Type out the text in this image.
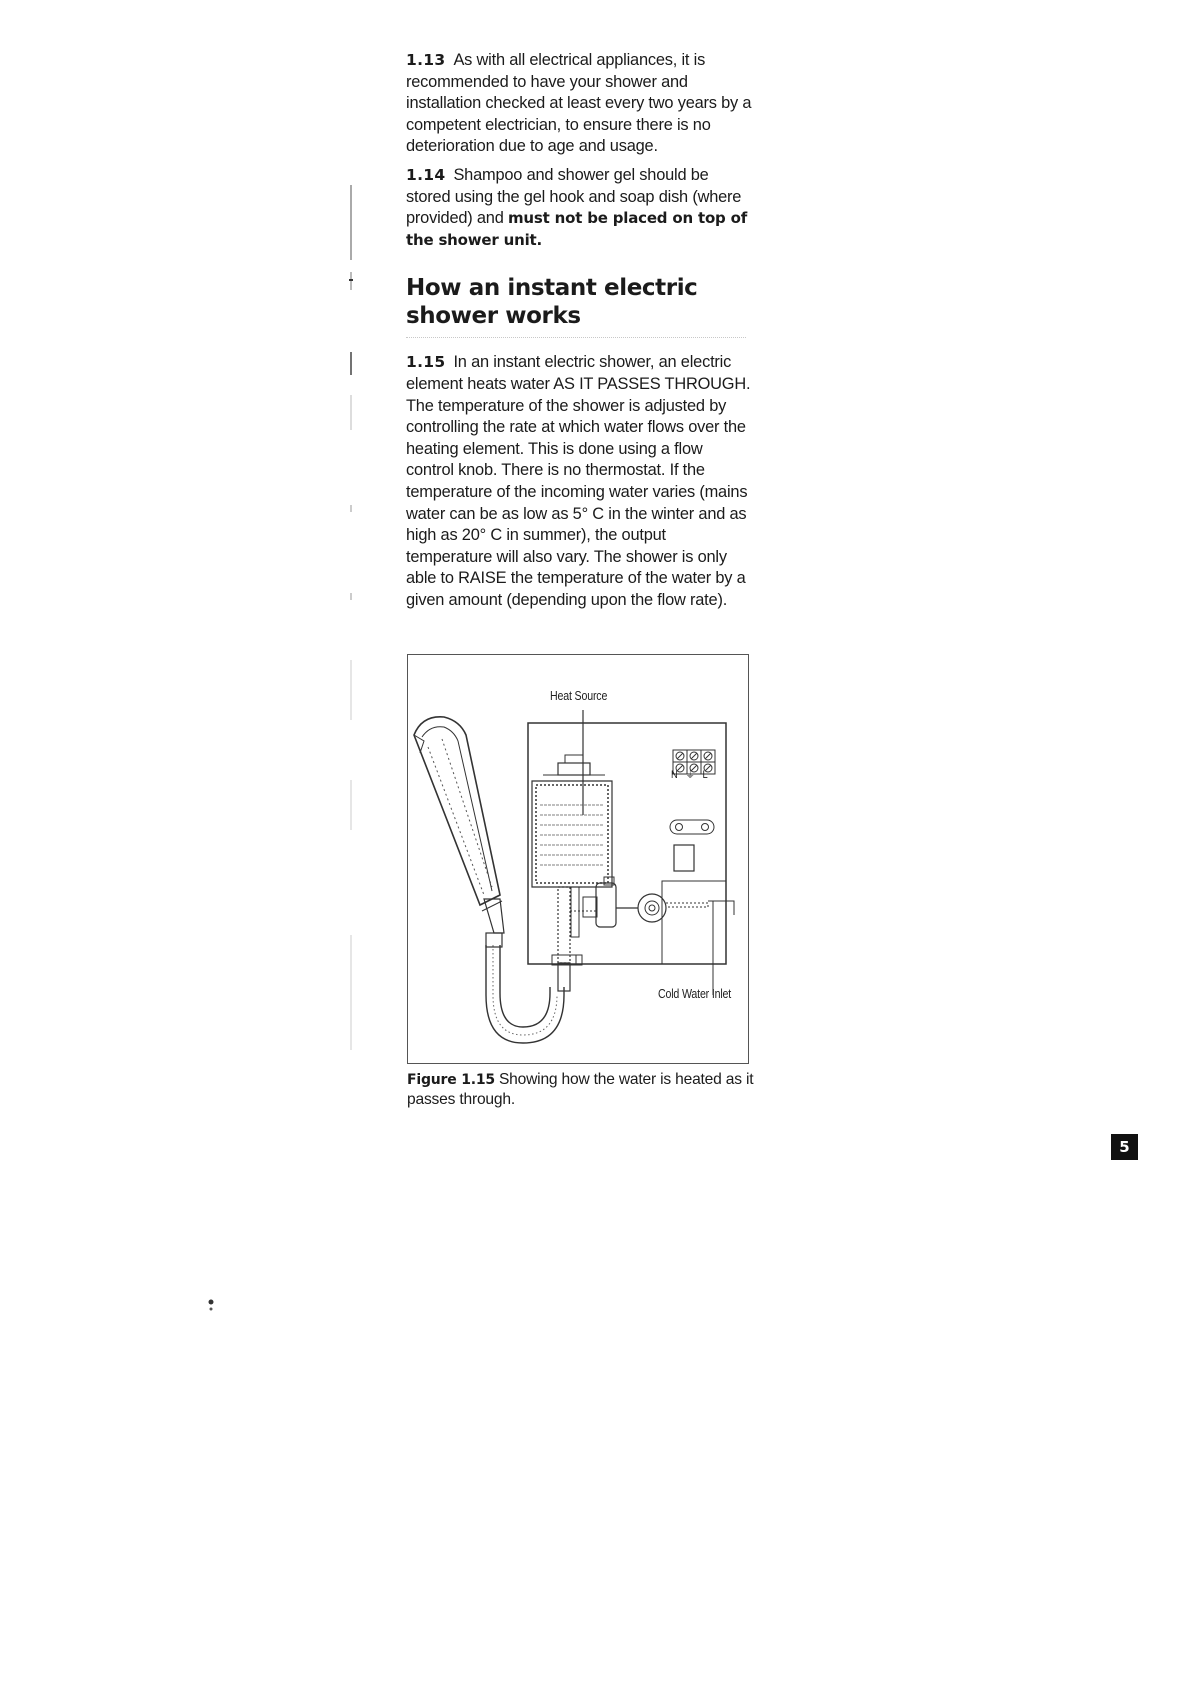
1.13 As with all electrical appliances, it is recommended to have your shower and installation checked at least every two years by a competent electrician, to ensure there is no deterioration due to age and usage.

1.14 Shampoo and shower gel should be stored using the gel hook and soap dish (where provided) and must not be placed on top of the shower unit.

How an instant electric shower works

1.15 In an instant electric shower, an electric element heats water AS IT PASSES THROUGH. The temperature of the shower is adjusted by controlling the rate at which water flows over the heating element. This is done using a flow control knob. There is no thermostat. If the temperature of the incoming water varies (mains water can be as low as 5° C in the winter and as high as 20° C in summer), the output temperature will also vary. The shower is only able to RAISE the temperature of the water by a given amount (depending upon the flow rate).

Heat Source
N ⏚ L
Cold Water Inlet
Figure 1.15 Showing how the water is heated as it passes through.
5
